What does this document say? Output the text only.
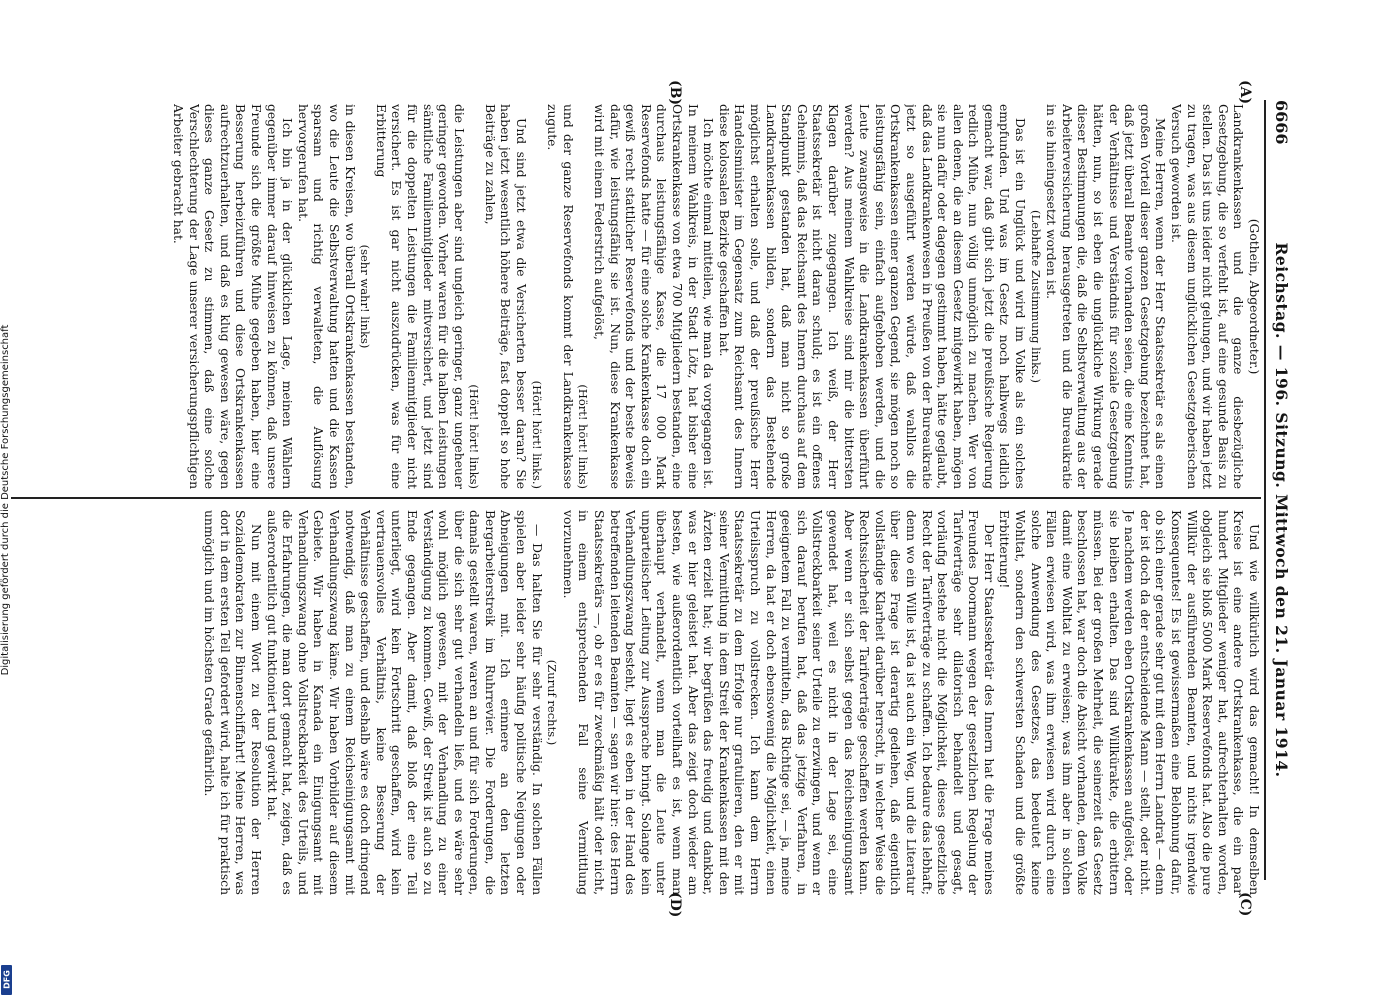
Digitalisierung gefördert durch die Deutsche Forschungsgemeinschaft
DFG
6666
Reichstag. — 196. Sitzung. Mittwoch den 21. Januar 1914.
(A)
(B)
(C)
(D)

(Gothein, Abgeordneter.)

Landkrankenkassen und die ganze diesbezügliche Gesetzgebung, die so verfehlt ist, auf eine gesunde Basis zu stellen. Das ist uns leider nicht gelungen, und wir haben jetzt zu tragen, was aus diesem unglücklichen Gesetzgeberischen Versuch geworden ist.

Meine Herren, wenn der Herr Staatssekretär es als einen großen Vorteil dieser ganzen Gesetzgebung bezeichnet hat, daß jetzt überall Beamte vorhanden seien, die eine Kenntnis der Verhältnisse und Verständnis für soziale Gesetzgebung hätten, nun, so ist eben die unglückliche Wirkung gerade dieser Bestimmungen die, daß die Selbstverwaltung aus der Arbeiterversicherung herausgetreten und die Bureaukratie in sie hineingesetzt worden ist.

(Lebhafte Zustimmung links.)

Das ist ein Unglück und wird im Volke als ein solches empfunden. Und was im Gesetz noch halbwegs leidlich gemacht war, daß gibt sich jetzt die preußische Regierung redlich Mühe, nun völlig unmöglich zu machen. Wer von allen denen, die an diesem Gesetz mitgewirkt haben, mögen sie nun dafür oder dagegen gestimmt haben, hätte geglaubt, daß das Landkrankenwesen in Preußen von der Bureaukratie jetzt so ausgeführt werden würde, daß wahllos die Ortskrankenkassen einer ganzen Gegend, sie mögen noch so leistungsfähig sein, einfach aufgehoben werden, und die Leute zwangsweise in die Landkrankenkassen überführt werden? Aus meinem Wahlkreise sind mir die bittersten Klagen darüber zugegangen. Ich weiß, der Herr Staatssekretär ist nicht daran schuld; es ist ein offenes Geheimnis, daß das Reichsamt des Innern durchaus auf dem Standpunkt gestanden hat, daß man nicht so große Landkrankenkassen bilden, sondern das Bestehende möglichst erhalten solle, und daß der preußische Herr Handelsminister im Gegensatz zum Reichsamt des Innern diese kolossalen Bezirke geschaffen hat.

Ich möchte einmal mitteilen, wie man da vorgegangen ist. In meinem Wahlkreis, in der Stadt Lötz, hat bisher eine Ortskrankenkasse von etwa 700 Mitgliedern bestanden, eine durchaus leistungsfähige Kasse, die 17 000 Mark Reservefonds hatte — für eine solche Krankenkasse doch ein gewiß recht stattlicher Reservefonds und der beste Beweis dafür, wie leistungsfähig sie ist. Nun, diese Krankenkasse wird mit einem Federstrich aufgelöst,

(Hört! hört! links)

und der ganze Reservefonds kommt der Landkrankenkasse zugute.

(Hört! hört! links.)

Und sind jetzt etwa die Versicherten besser daran? Sie haben jetzt wesentlich höhere Beiträge, fast doppelt so hohe Beiträge zu zahlen,

(Hört! hört! links)

die Leistungen aber sind ungleich geringer, ganz ungeheuer geringer geworden. Vorher waren für die halben Leistungen sämtliche Familienmitglieder mitversichert, und jetzt sind für die doppelten Leistungen die Familienmitglieder nicht versichert. Es ist gar nicht auszudrücken, was für eine Erbitterung

(sehr wahr! links)

in diesen Kreisen, wo überall Ortskrankenkassen bestanden, wo die Leute die Selbstverwaltung hatten und die Kassen sparsam und richtig verwalteten, die Auflösung hervorgerufen hat.

Ich bin ja in der glücklichen Lage, meinen Wählern gegenüber immer darauf hinweisen zu können, daß unsere Freunde sich die größte Mühe gegeben haben, hier eine Besserung herbeizuführen und diese Ortskrankenkassen aufrechtzuerhalten, und daß es klug gewesen wäre, gegen dieses ganze Gesetz zu stimmen, daß eine solche Verschlechterung der Lage unserer versicherungspflichtigen Arbeiter gebracht hat.

Und wie willkürlich wird das gemacht! In demselben Kreise ist eine andere Ortskrankenkasse, die ein paar hundert Mitglieder weniger hat, aufrechterhalten worden, obgleich sie bloß 5000 Mark Reservefonds hat. Also die pure Willkür der ausführenden Beamten, und nichts irgendwie Konsequentes! Es ist gewissermaßen eine Belohnung dafür, ob sich einer gerade sehr gut mit dem Herrn Landrat — denn der ist doch da der entscheidende Mann — stellt, oder nicht. Je nachdem werden eben Ortskrankenkassen aufgelöst, oder sie bleiben erhalten. Das sind Willkürakte, die erbittern müssen. Bei der großen Mehrheit, die seinerzeit das Gesetz beschlossen hat, war doch die Absicht vorhanden, dem Volke damit eine Wohltat zu erweisen; was ihm aber in solchen Fällen erwiesen wird, was ihm erwiesen wird durch eine solche Anwendung des Gesetzes, das bedeutet keine Wohltat, sondern den schwersten Schaden und die größte Erbitterung!

Der Herr Staatssekretär des Innern hat die Frage meines Freundes Doormann wegen der gesetzlichen Regelung der Tarifverträge sehr dilatorisch behandelt und gesagt, vorläufig bestehe nicht die Möglichkeit, dieses gesetzliche Recht der Tarifverträge zu schaffen. Ich bedaure das lebhaft; denn wo ein Wille ist, da ist auch ein Weg, und die Literatur über diese Frage ist derartig gediehen, daß eigentlich vollständige Klarheit darüber herrscht, in welcher Weise die Rechtssicherheit der Tarifverträge geschaffen werden kann. Aber wenn er sich selbst gegen das Reichseinigungsamt gewendet hat, weil es nicht in der Lage sei, eine Vollstreckbarkeit seiner Urteile zu erzwingen, und wenn er sich darauf berufen hat, daß das jetzige Verfahren, in geeignetem Fall zu vermitteln, das Richtige sei, — ja, meine Herren, da hat er doch ebensowenig die Möglichkeit, einen Urteilsspruch zu vollstrecken. Ich kann dem Herrn Staatssekretär zu dem Erfolge nur gratulieren, den er mit seiner Vermittlung in dem Streit der Krankenkassen mit den Ärzten erzielt hat; wir begrüßen das freudig und dankbar, was er hier geleistet hat. Aber das zeigt doch wieder am besten, wie außerordentlich vorteilhaft es ist, wenn man überhaupt verhandelt, wenn man die Leute unter unparteiischer Leitung zur Aussprache bringt. Solange kein Verhandlungszwang besteht, liegt es eben in der Hand des betreffenden leitenden Beamten — sagen wir hier: des Herrn Staatssekretärs —, ob er es für zweckmäßig hält oder nicht, in einem entsprechenden Fall seine Vermittlung vorzunehmen.

(Zuruf rechts.)

— Das halten Sie für sehr verständig. In solchen Fällen spielen aber leider sehr häufig politische Neigungen oder Abneigungen mit. Ich erinnere an den letzten Bergarbeiterstreik im Ruhrrevier. Die Forderungen, die damals gestellt waren, waren an und für sich Forderungen, über die sich sehr gut verhandeln ließ, und es wäre sehr wohl möglich gewesen, mit der Verhandlung zu einer Verständigung zu kommen. Gewiß, der Streik ist auch so zu Ende gegangen. Aber damit, daß bloß der eine Teil unterliegt, wird kein Fortschritt geschaffen, wird kein vertrauensvolles Verhältnis, keine Besserung der Verhältnisse geschaffen, und deshalb wäre es doch dringend notwendig, daß man zu einem Reichseinigungsamt mit Verhandlungszwang käme. Wir haben Vorbilder auf diesem Gebiete. Wir haben in Kanada ein Einigungsamt mit Verhandlungszwang ohne Vollstreckbarkeit des Urteils, und die Erfahrungen, die man dort gemacht hat, zeigen, daß es außerordentlich gut funktioniert und gewirkt hat.

Nun mit einem Wort zu der Resolution der Herren Sozialdemokraten zur Binnenschiffahrt! Meine Herren, was dort in dem ersten Teil gefordert wird, halte ich für praktisch unmöglich und im höchsten Grade gefährlich.
